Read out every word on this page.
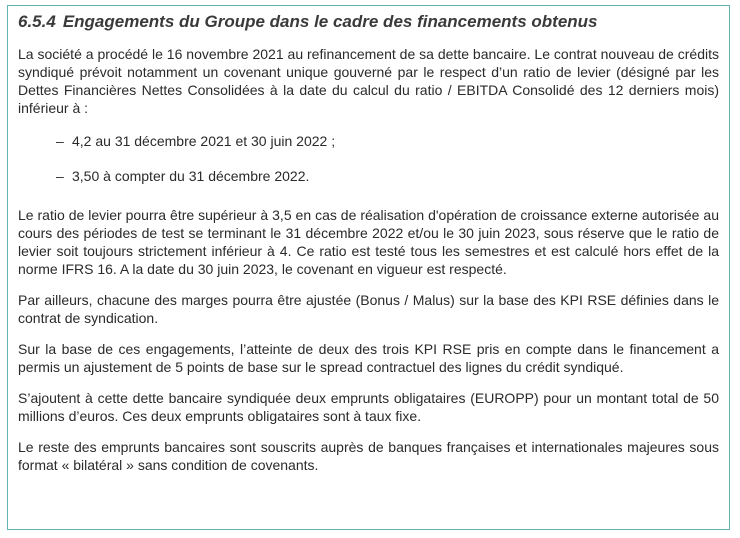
6.5.4 Engagements du Groupe dans le cadre des financements obtenus

La société a procédé le 16 novembre 2021 au refinancement de sa dette bancaire. Le contrat nouveau de crédits syndiqué prévoit notamment un covenant unique gouverné par le respect d’un ratio de levier (désigné par les Dettes Financières Nettes Consolidées à la date du calcul du ratio / EBITDA Consolidé des 12 derniers mois) inférieur à :

– 4,2 au 31 décembre 2021 et 30 juin 2022 ;
– 3,50 à compter du 31 décembre 2022.

Le ratio de levier pourra être supérieur à 3,5 en cas de réalisation d'opération de croissance externe autorisée au cours des périodes de test se terminant le 31 décembre 2022 et/ou le 30 juin 2023, sous réserve que le ratio de levier soit toujours strictement inférieur à 4. Ce ratio est testé tous les semestres et est calculé hors effet de la norme IFRS 16. A la date du 30 juin 2023, le covenant en vigueur est respecté.

Par ailleurs, chacune des marges pourra être ajustée (Bonus / Malus) sur la base des KPI RSE définies dans le contrat de syndication.

Sur la base de ces engagements, l’atteinte de deux des trois KPI RSE pris en compte dans le financement a permis un ajustement de 5 points de base sur le spread contractuel des lignes du crédit syndiqué.

S’ajoutent à cette dette bancaire syndiquée deux emprunts obligataires (EUROPP) pour un montant total de 50 millions d’euros. Ces deux emprunts obligataires sont à taux fixe.

Le reste des emprunts bancaires sont souscrits auprès de banques françaises et internationales majeures sous format « bilatéral » sans condition de covenants.
